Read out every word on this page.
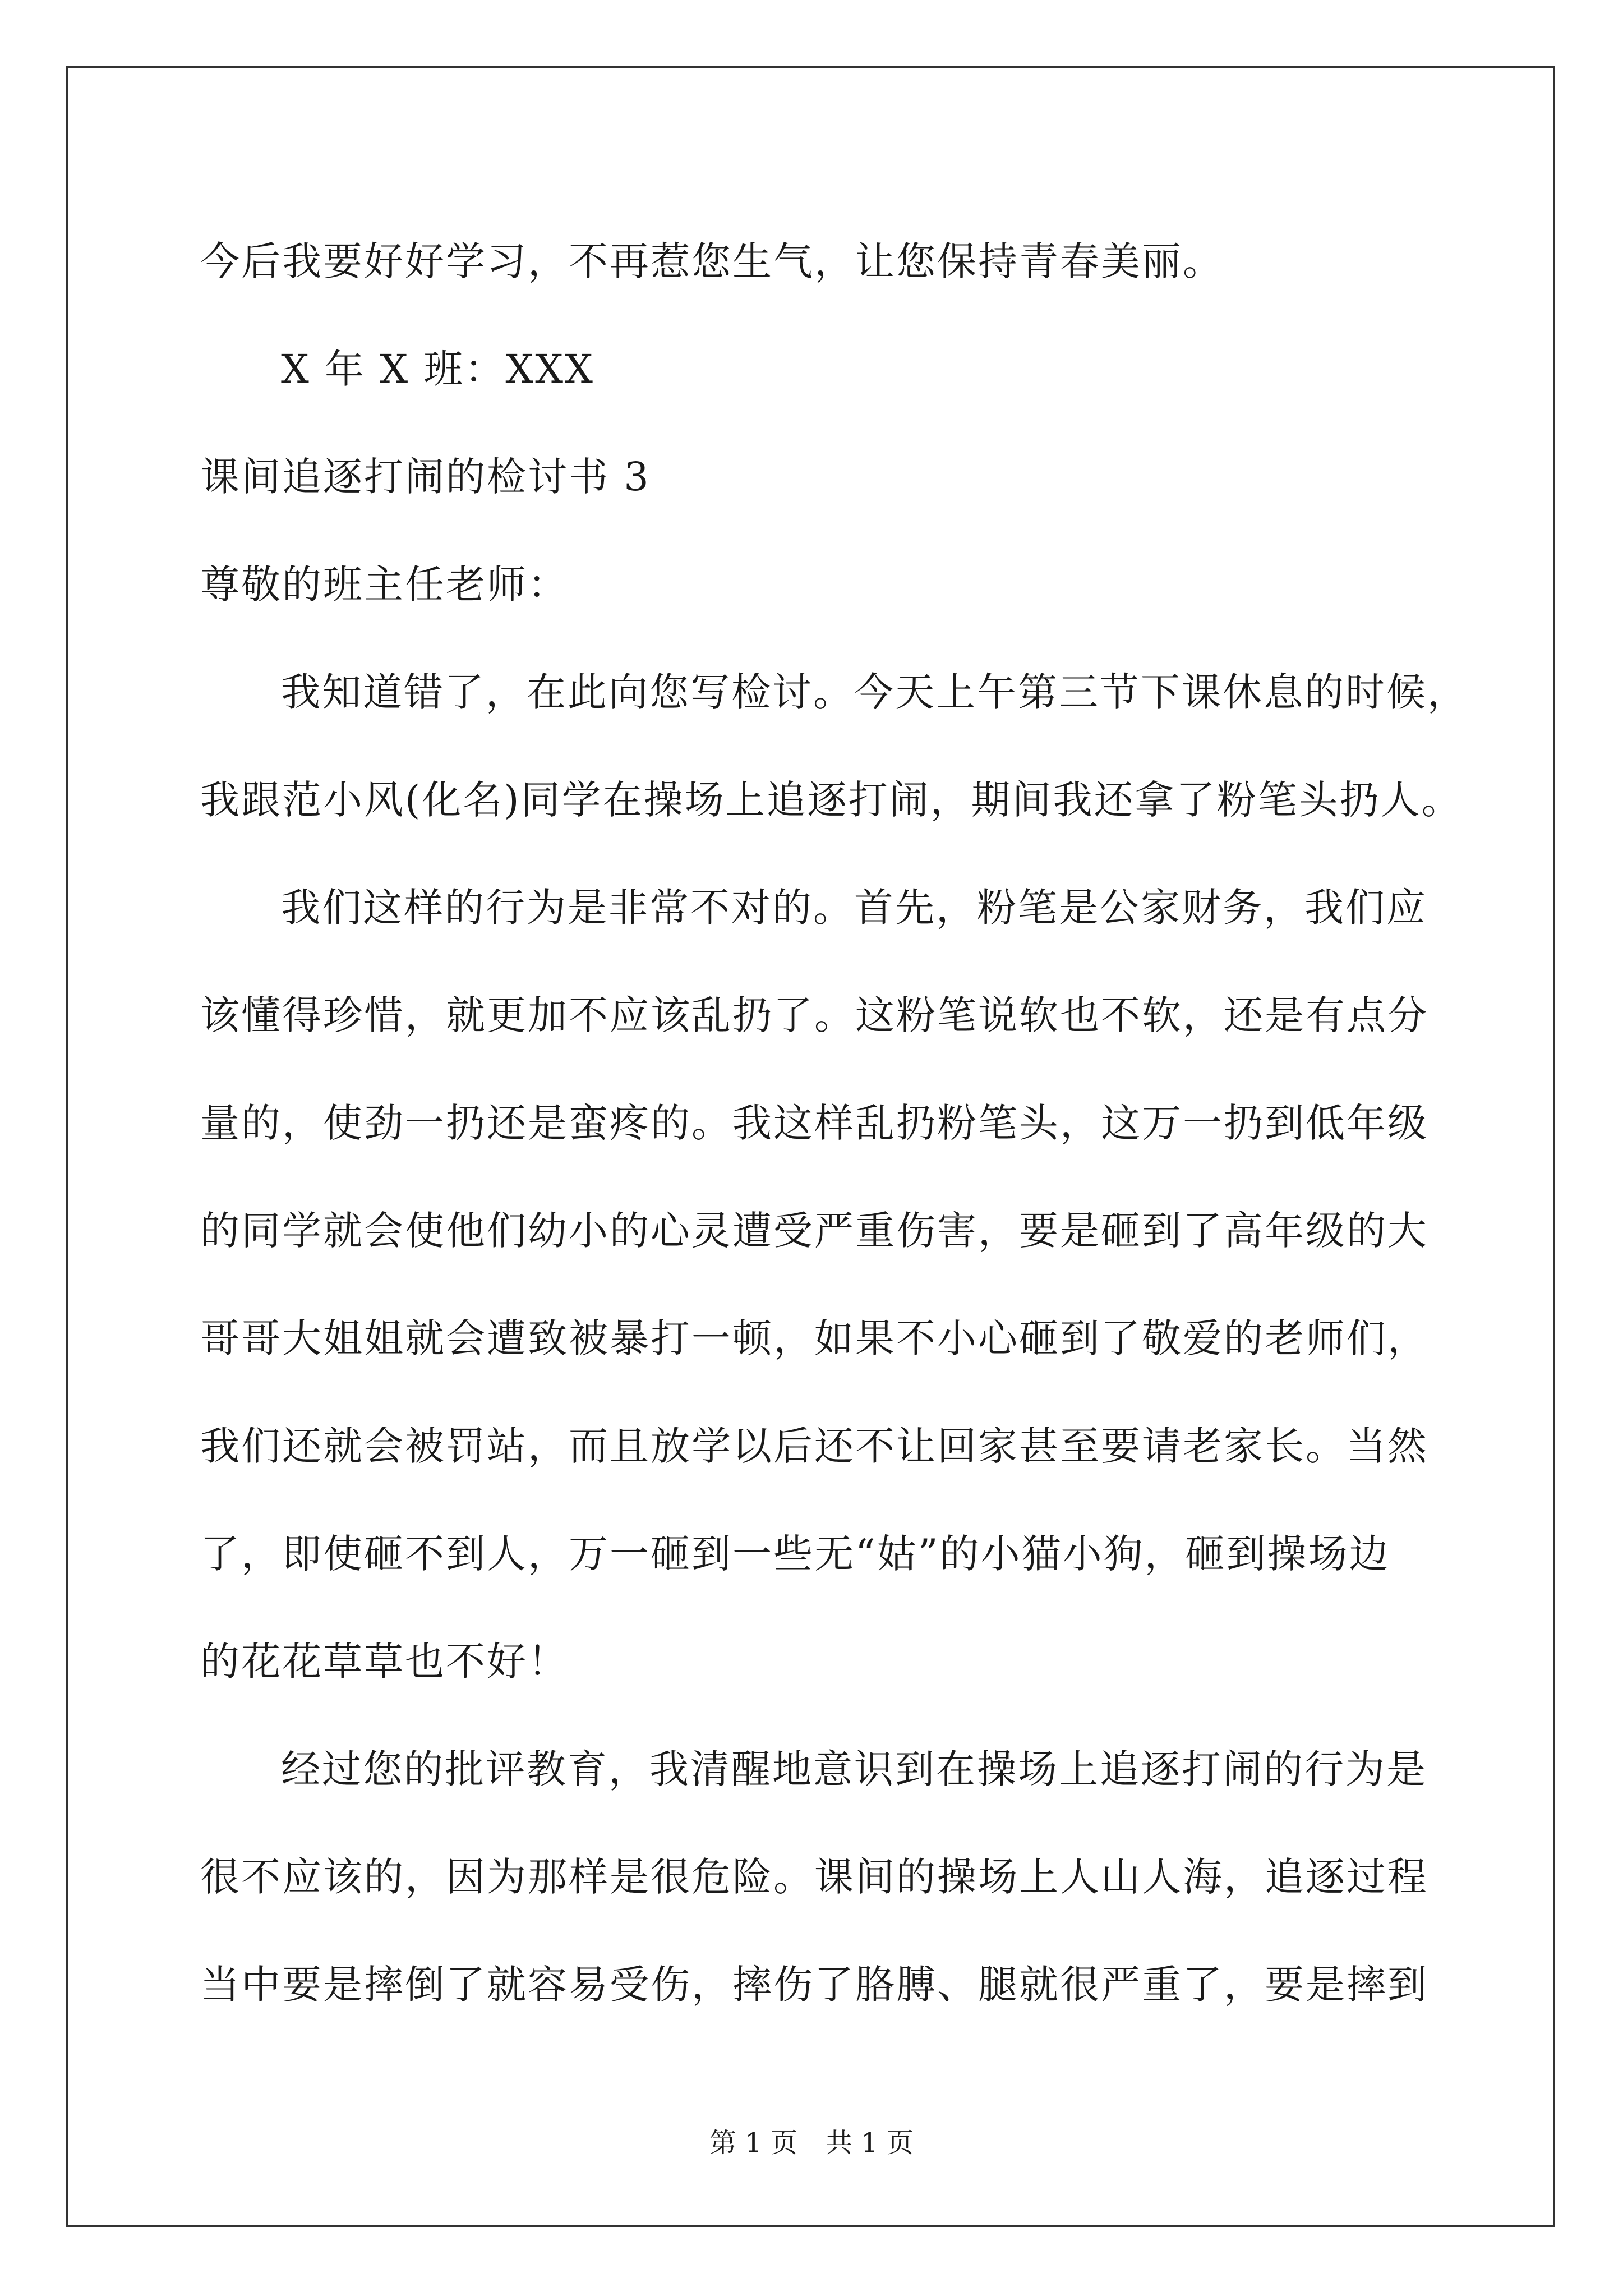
今后我要好好学习，不再惹您生气，让您保持青春美丽。
X 年 X 班：XXX
课间追逐打闹的检讨书 3
尊敬的班主任老师：
我知道错了，在此向您写检讨。今天上午第三节下课休息的时候，
我跟范小风(化名)同学在操场上追逐打闹，期间我还拿了粉笔头扔人。
我们这样的行为是非常不对的。首先，粉笔是公家财务，我们应
该懂得珍惜，就更加不应该乱扔了。这粉笔说软也不软，还是有点分
量的，使劲一扔还是蛮疼的。我这样乱扔粉笔头，这万一扔到低年级
的同学就会使他们幼小的心灵遭受严重伤害，要是砸到了高年级的大
哥哥大姐姐就会遭致被暴打一顿，如果不小心砸到了敬爱的老师们，
我们还就会被罚站，而且放学以后还不让回家甚至要请老家长。当然
了，即使砸不到人，万一砸到一些无“姑”的小猫小狗，砸到操场边
的花花草草也不好！
经过您的批评教育，我清醒地意识到在操场上追逐打闹的行为是
很不应该的，因为那样是很危险。课间的操场上人山人海，追逐过程
当中要是摔倒了就容易受伤，摔伤了胳膊、腿就很严重了，要是摔到
第 1 页 共 1 页
